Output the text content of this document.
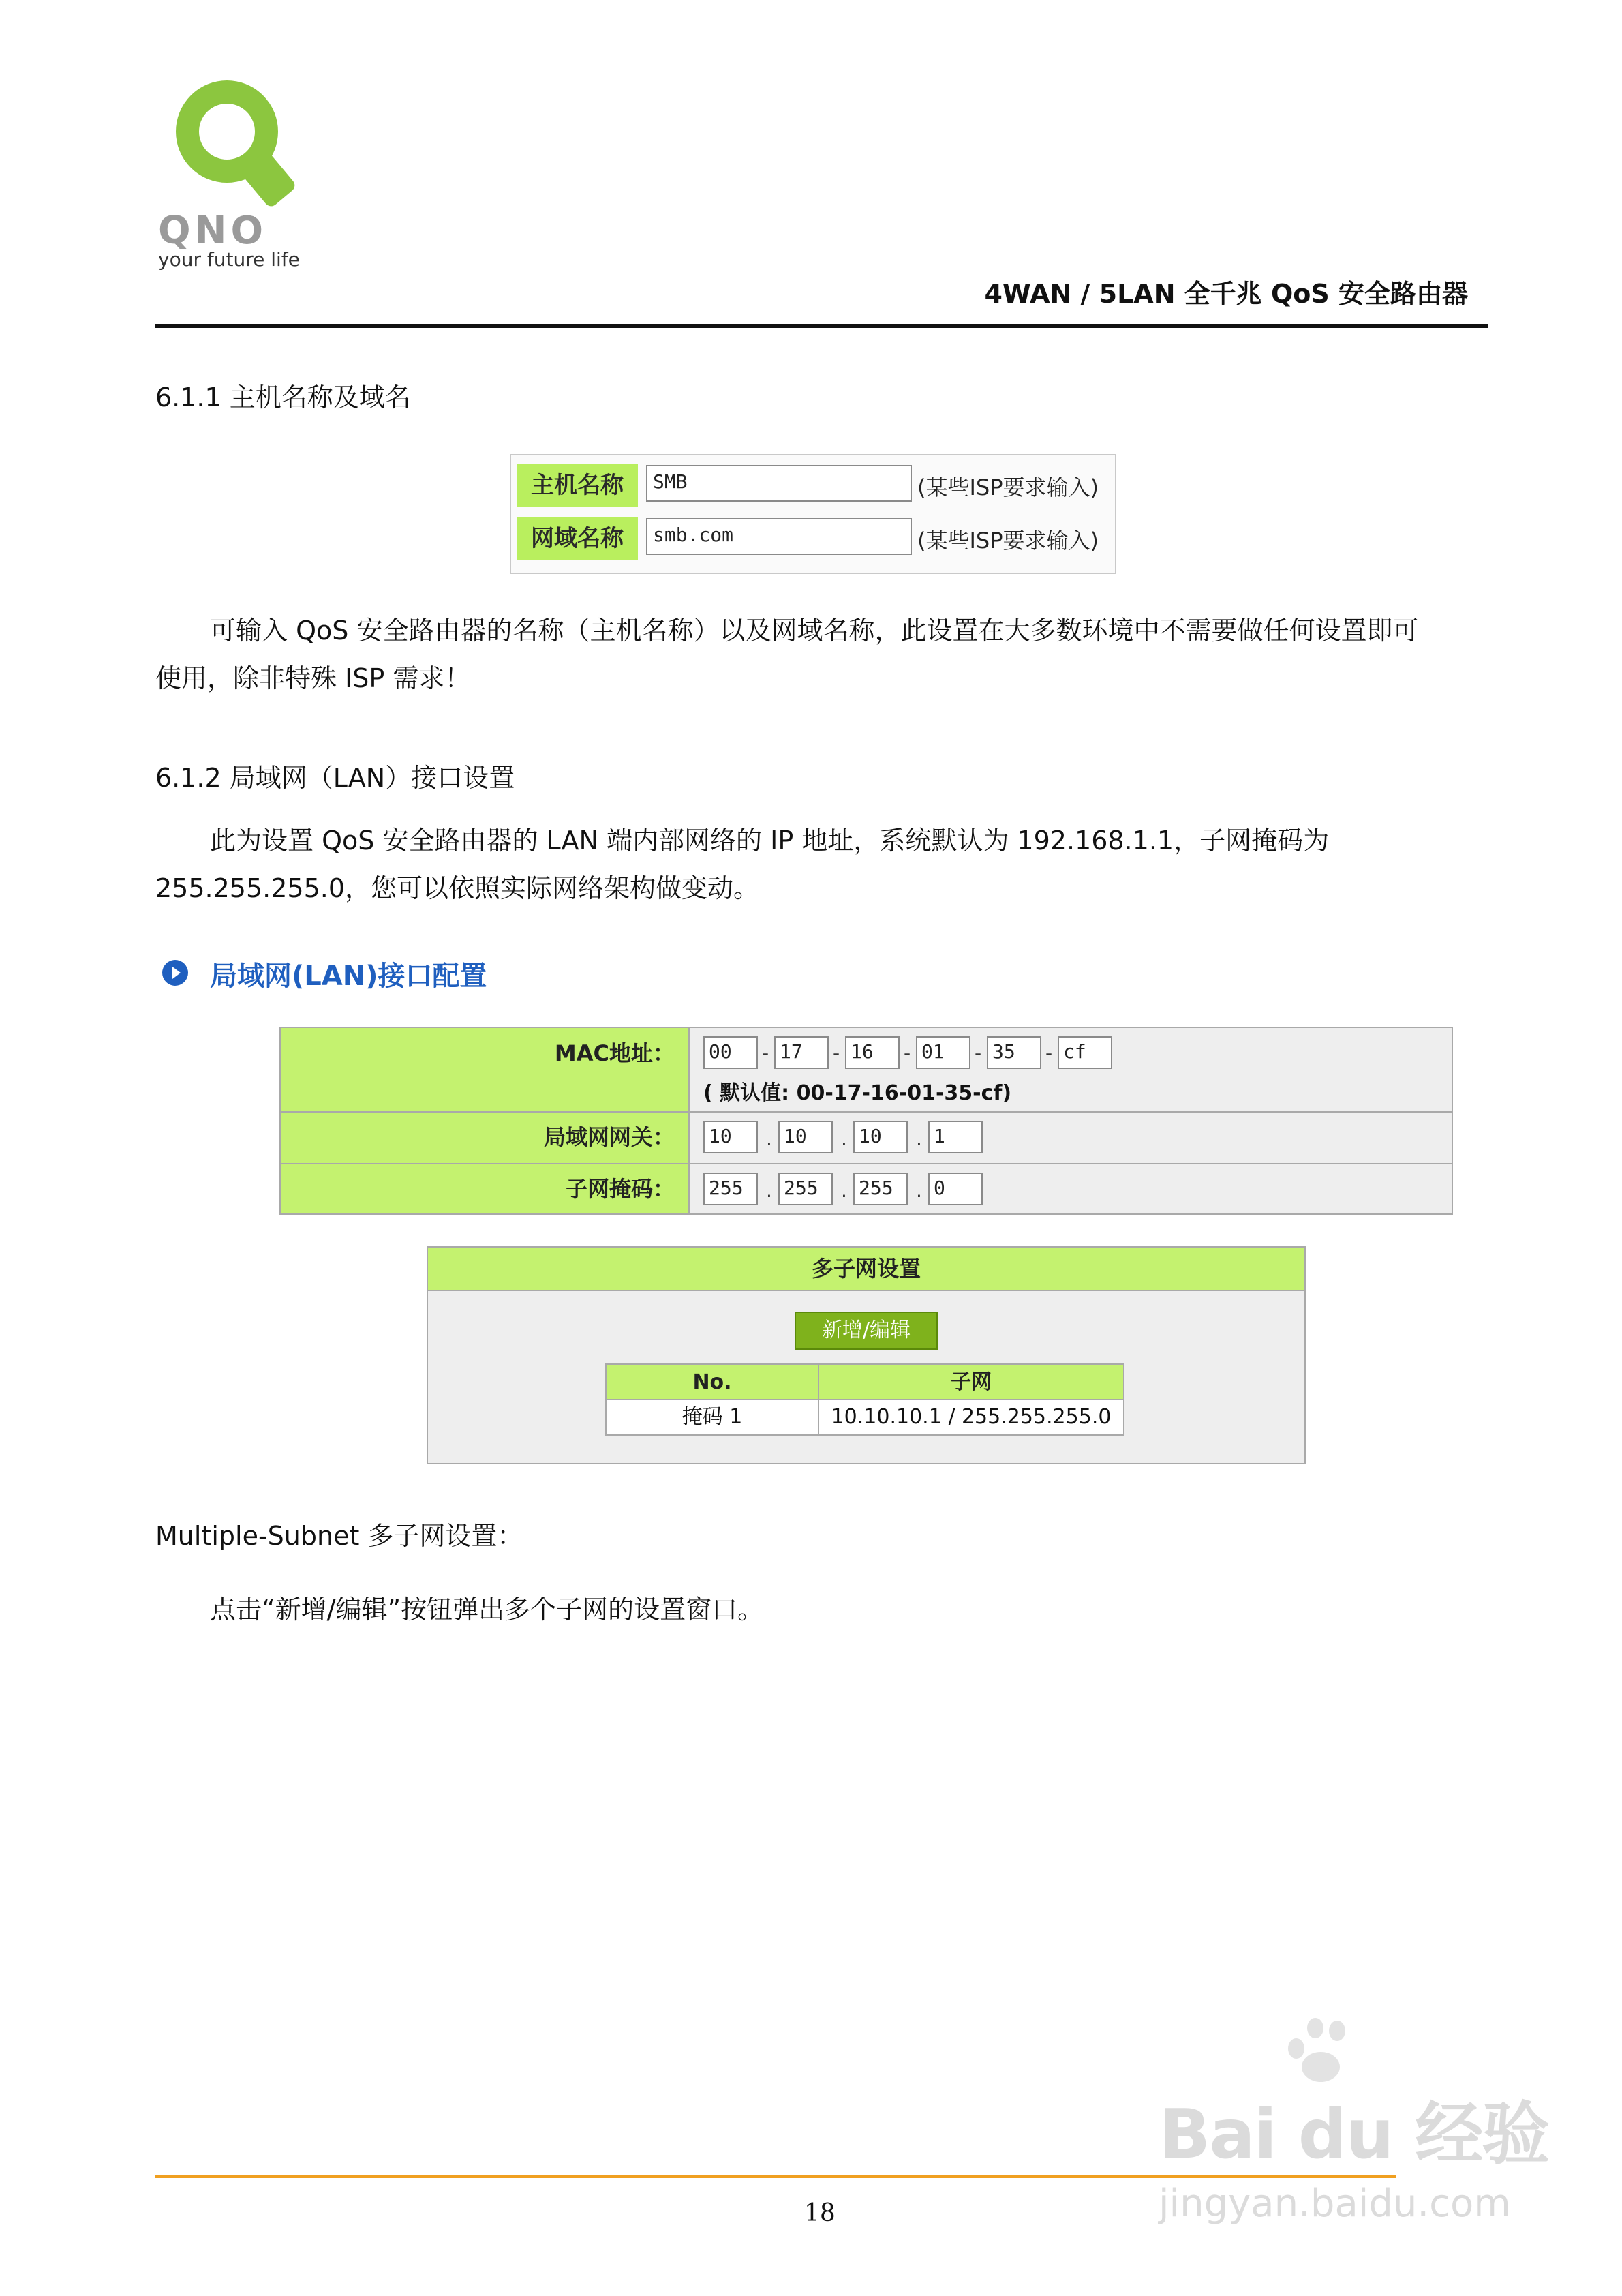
QNO
your future life
4WAN / 5LAN 全千兆 QoS 安全路由器
6.1.1 主机名称及域名
主机名称	SMB	(某些ISP要求输入)
网域名称	smb.com	(某些ISP要求输入)
可输入 QoS 安全路由器的名称（主机名称）以及网域名称，此设置在大多数环境中不需要做任何设置即可
使用，除非特殊 ISP 需求！
6.1.2 局域网（LAN）接口设置
此为设置 QoS 安全路由器的 LAN 端内部网络的 IP 地址，系统默认为 192.168.1.1，子网掩码为
255.255.255.0，您可以依照实际网络架构做变动。
局域网(LAN)接口配置
MAC地址：	00	- 17	- 16	- 01	- 35	- cf
( 默认值: 00-17-16-01-35-cf)
局域网网关：	10	. 10	. 10	. 1
子网掩码：	255	. 255	. 255	. 0
多子网设置
新增/编辑
No.	子网
掩码 1	10.10.10.1 / 255.255.255.0
Multiple-Subnet 多子网设置：
点击“新增/编辑”按钮弹出多个子网的设置窗口。
Bai du 经验
jingyan.baidu.com
18
